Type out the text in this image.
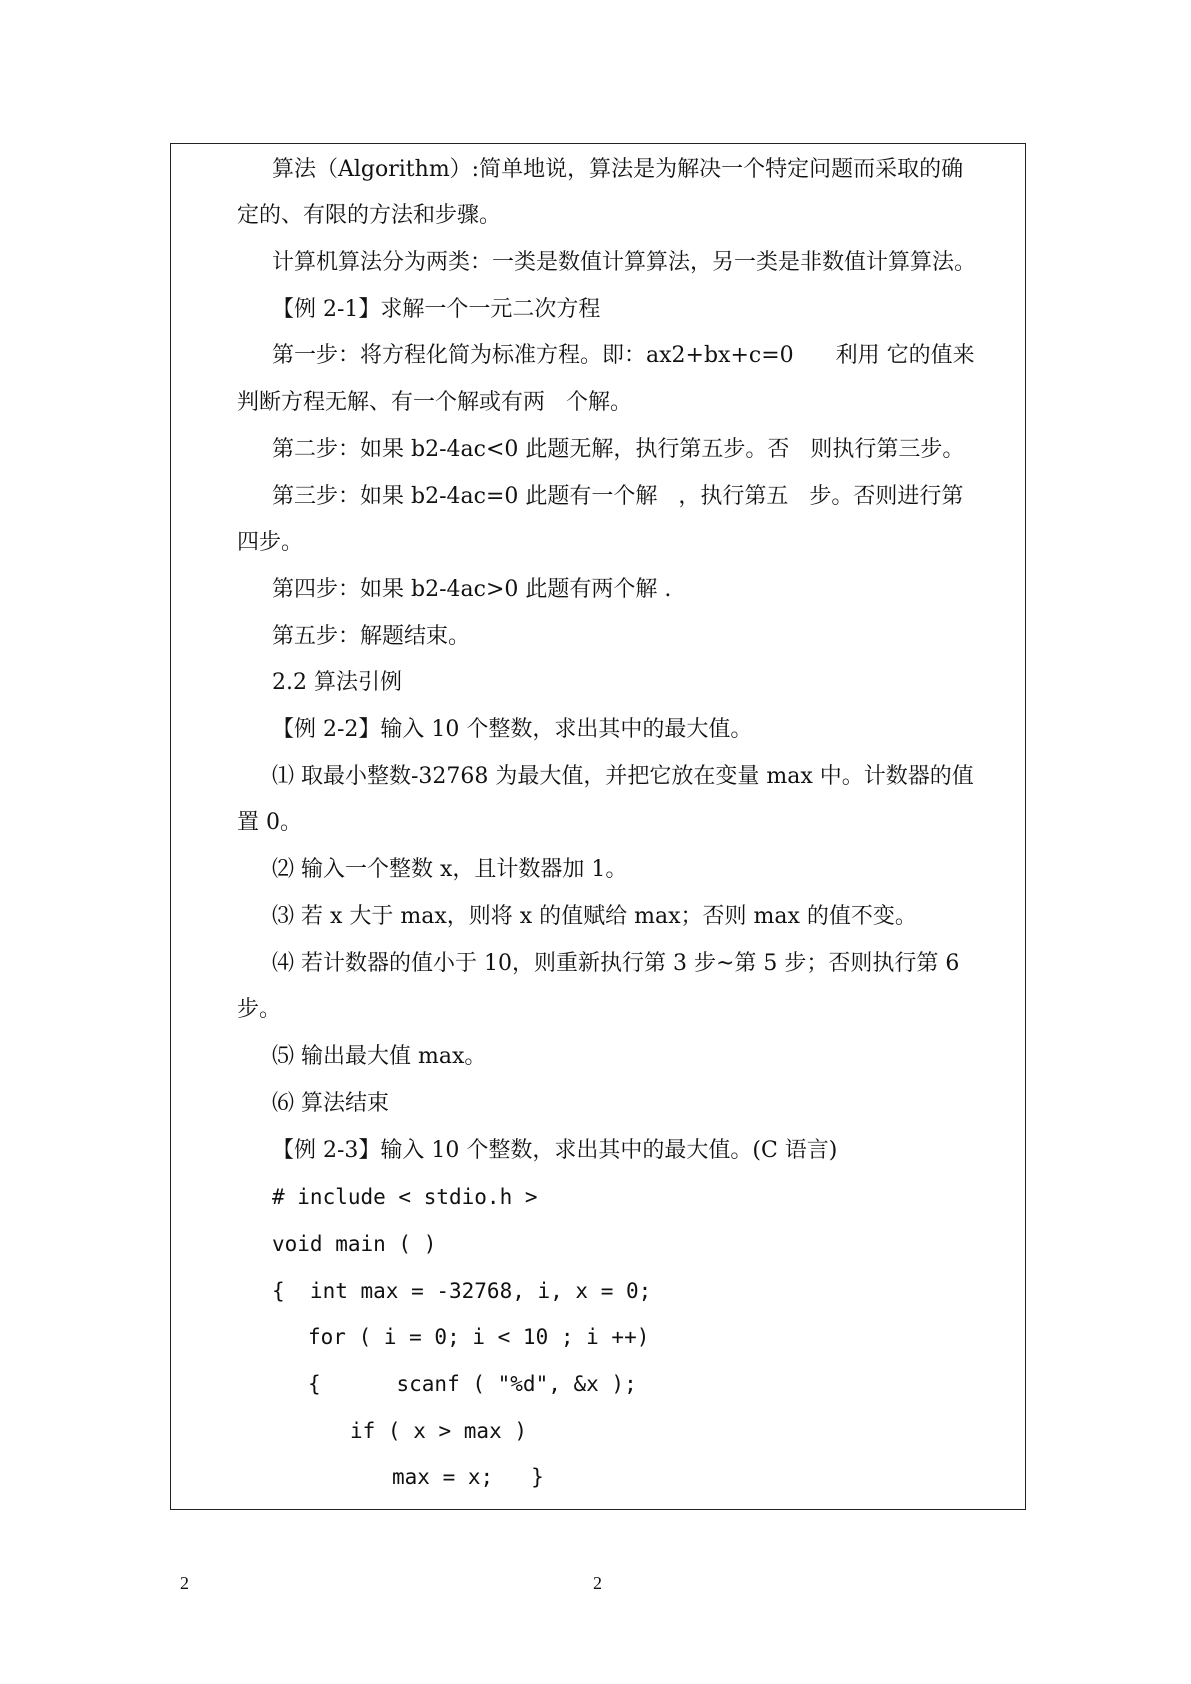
算法（Algorithm）:简单地说，算法是为解决一个特定问题而采取的确
定的、有限的方法和步骤。
计算机算法分为两类：一类是数值计算算法，另一类是非数值计算算法。
【例 2-1】求解一个一元二次方程
第一步：将方程化简为标准方程。即：ax2+bx+c=0      利用 它的值来
判断方程无解、有一个解或有两   个解。
第二步：如果 b2-4ac<0 此题无解，执行第五步。否   则执行第三步。
第三步：如果 b2-4ac=0 此题有一个解   ，执行第五   步。否则进行第
四步。
第四步：如果 b2-4ac>0 此题有两个解 .
第五步：解题结束。
2.2 算法引例
【例 2-2】输入 10 个整数，求出其中的最大值。
⑴ 取最小整数-32768 为最大值，并把它放在变量 max 中。计数器的值
置 0。
⑵ 输入一个整数 x，且计数器加 1。
⑶ 若 x 大于 max，则将 x 的值赋给 max；否则 max 的值不变。
⑷ 若计数器的值小于 10，则重新执行第 3 步~第 5 步；否则执行第 6
步。
⑸ 输出最大值 max。
⑹ 算法结束
【例 2-3】输入 10 个整数，求出其中的最大值。(C 语言)
# include < stdio.h >
void main ( )
{  int max = -32768, i, x = 0;
for ( i = 0; i < 10 ; i ++)
{      scanf ( "%d", &x );
if ( x > max )
max = x;   }
2	2
